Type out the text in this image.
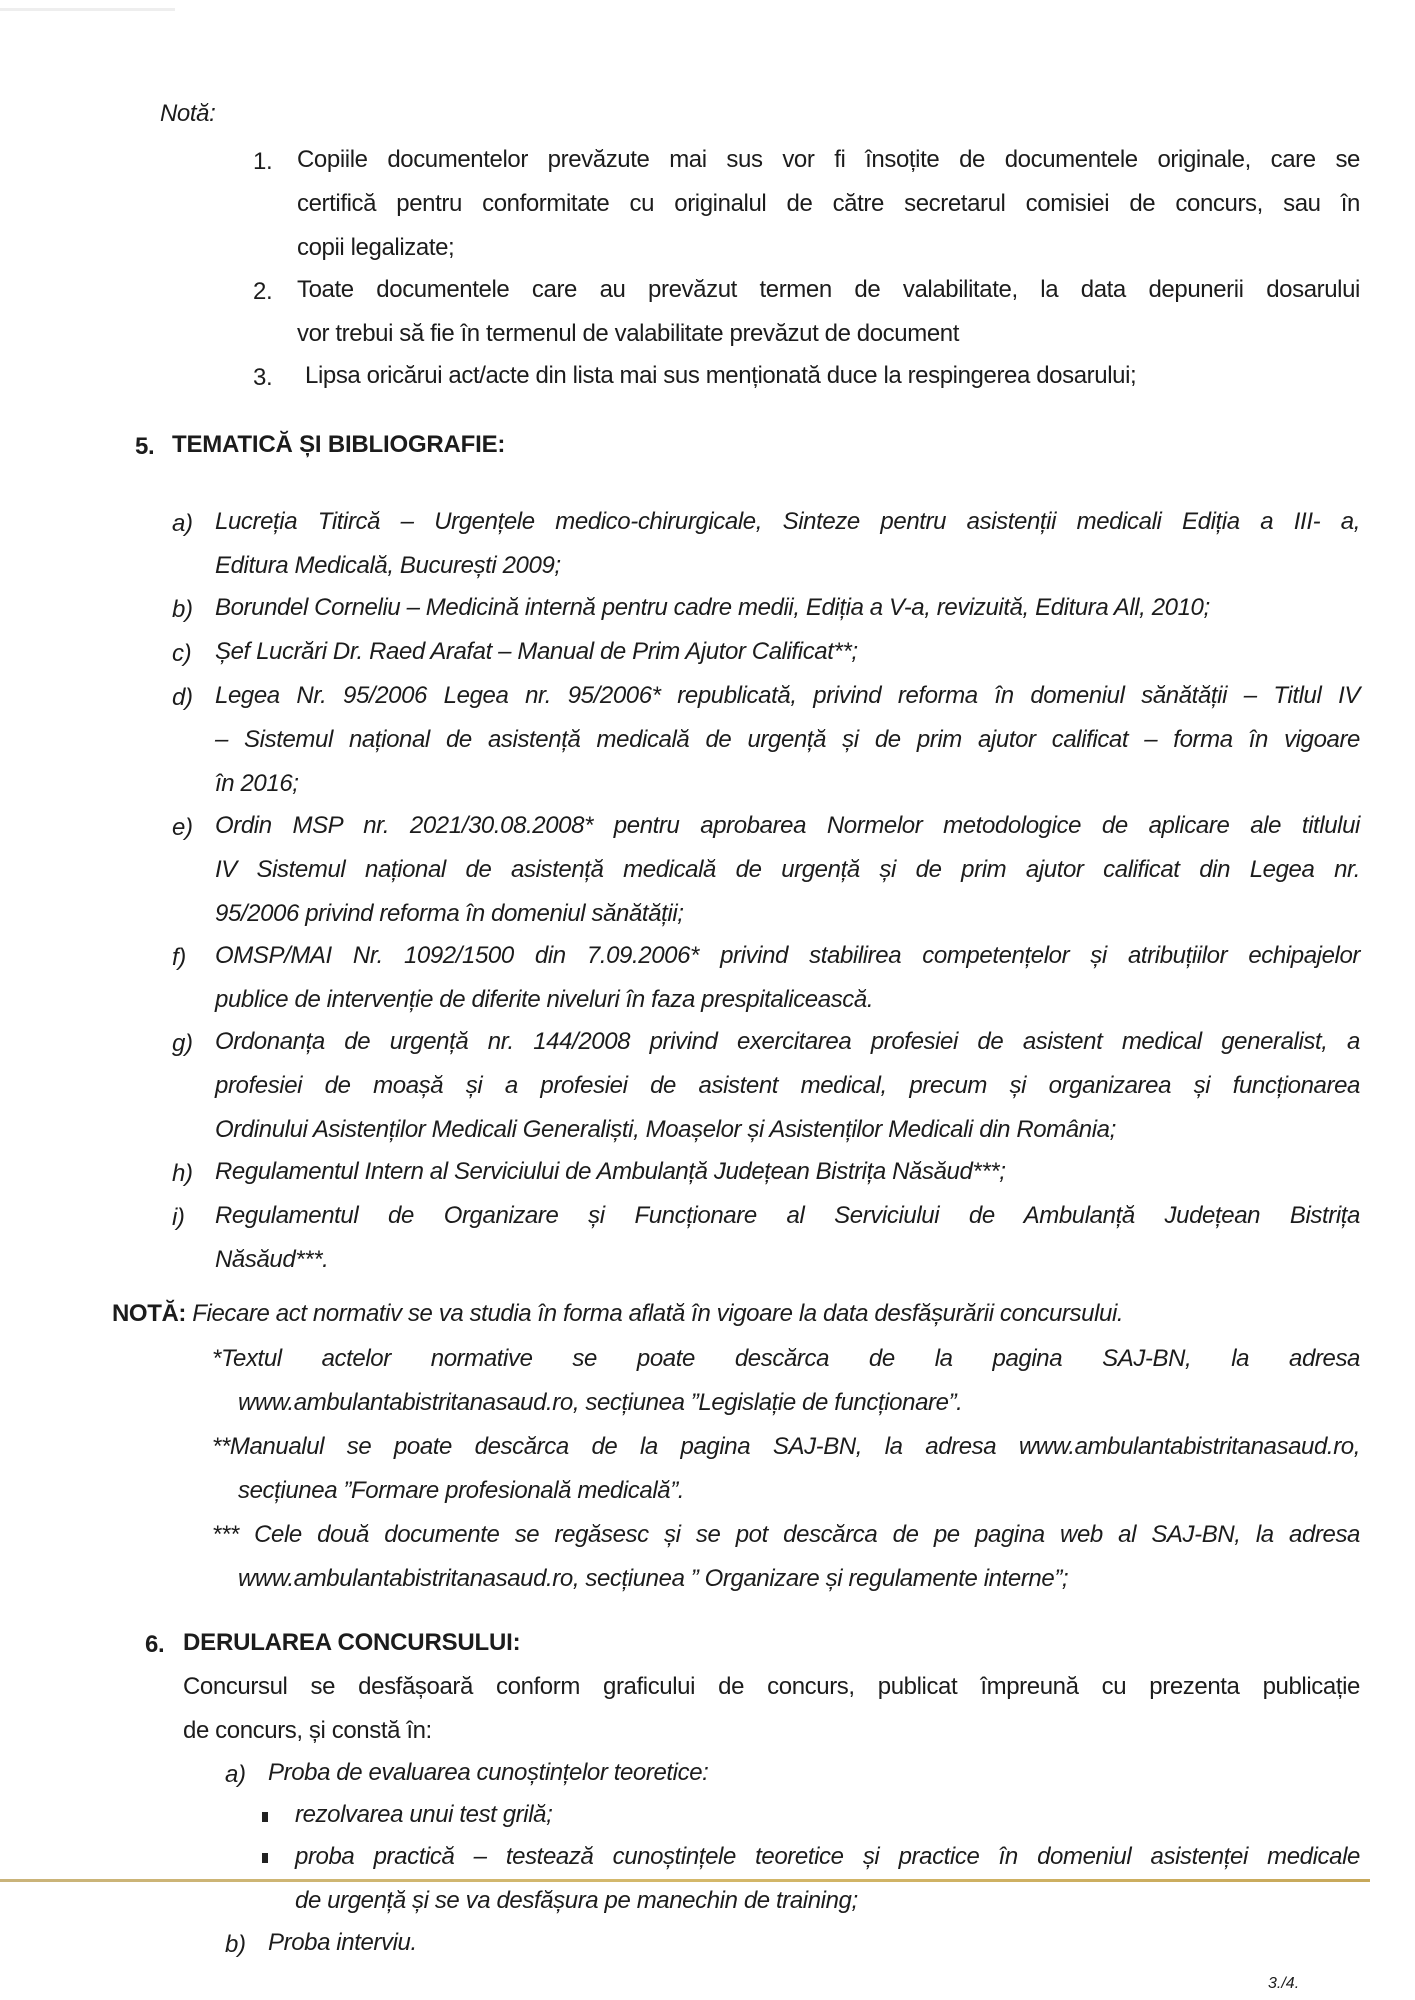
Notă:
1. Copiile documentelor prevăzute mai sus vor fi însoțite de documentele originale, care se
certifică pentru conformitate cu originalul de către secretarul comisiei de concurs, sau în
copii legalizate;
2. Toate documentele care au prevăzut termen de valabilitate, la data depunerii dosarului
vor trebui să fie în termenul de valabilitate prevăzut de document
3. Lipsa oricărui act/acte din lista mai sus menționată duce la respingerea dosarului;
5. TEMATICĂ ȘI BIBLIOGRAFIE:
a) Lucreția Titircă – Urgențele medico-chirurgicale, Sinteze pentru asistenții medicali Ediția a III- a,
Editura Medicală, București 2009;
b) Borundel Corneliu – Medicină internă pentru cadre medii, Ediția a V-a, revizuită, Editura All, 2010;
c) Șef Lucrări Dr. Raed Arafat – Manual de Prim Ajutor Calificat**;
d) Legea Nr. 95/2006 Legea nr. 95/2006* republicată, privind reforma în domeniul sănătății – Titlul IV
– Sistemul național de asistență medicală de urgență și de prim ajutor calificat – forma în vigoare
în 2016;
e) Ordin MSP nr. 2021/30.08.2008* pentru aprobarea Normelor metodologice de aplicare ale titlului
IV Sistemul național de asistență medicală de urgență și de prim ajutor calificat din Legea nr.
95/2006 privind reforma în domeniul sănătății;
f) OMSP/MAI Nr. 1092/1500 din 7.09.2006* privind stabilirea competențelor și atribuțiilor echipajelor
publice de intervenție de diferite niveluri în faza prespitalicească.
g) Ordonanța de urgență nr. 144/2008 privind exercitarea profesiei de asistent medical generalist, a
profesiei de moașă și a profesiei de asistent medical, precum și organizarea și funcționarea
Ordinului Asistenților Medicali Generaliști, Moașelor și Asistenților Medicali din România;
h) Regulamentul Intern al Serviciului de Ambulanță Județean Bistrița Năsăud***;
i) Regulamentul de Organizare și Funcționare al Serviciului de Ambulanță Județean Bistrița
Năsăud***.
NOTĂ: Fiecare act normativ se va studia în forma aflată în vigoare la data desfășurării concursului.
*Textul actelor normative se poate descărca de la pagina SAJ-BN, la adresa
www.ambulantabistritanasaud.ro, secțiunea ”Legislație de funcționare”.
**Manualul se poate descărca de la pagina SAJ-BN, la adresa www.ambulantabistritanasaud.ro,
secțiunea ”Formare profesională medicală”.
*** Cele două documente se regăsesc și se pot descărca de pe pagina web al SAJ-BN, la adresa
www.ambulantabistritanasaud.ro, secțiunea ” Organizare și regulamente interne”;
6. DERULAREA CONCURSULUI:
Concursul se desfășoară conform graficului de concurs, publicat împreună cu prezenta publicație
de concurs, și constă în:
a) Proba de evaluarea cunoștințelor teoretice:
rezolvarea unui test grilă;
proba practică – testează cunoștințele teoretice și practice în domeniul asistenței medicale
de urgență și se va desfășura pe manechin de training;
b) Proba interviu.
3./4.
